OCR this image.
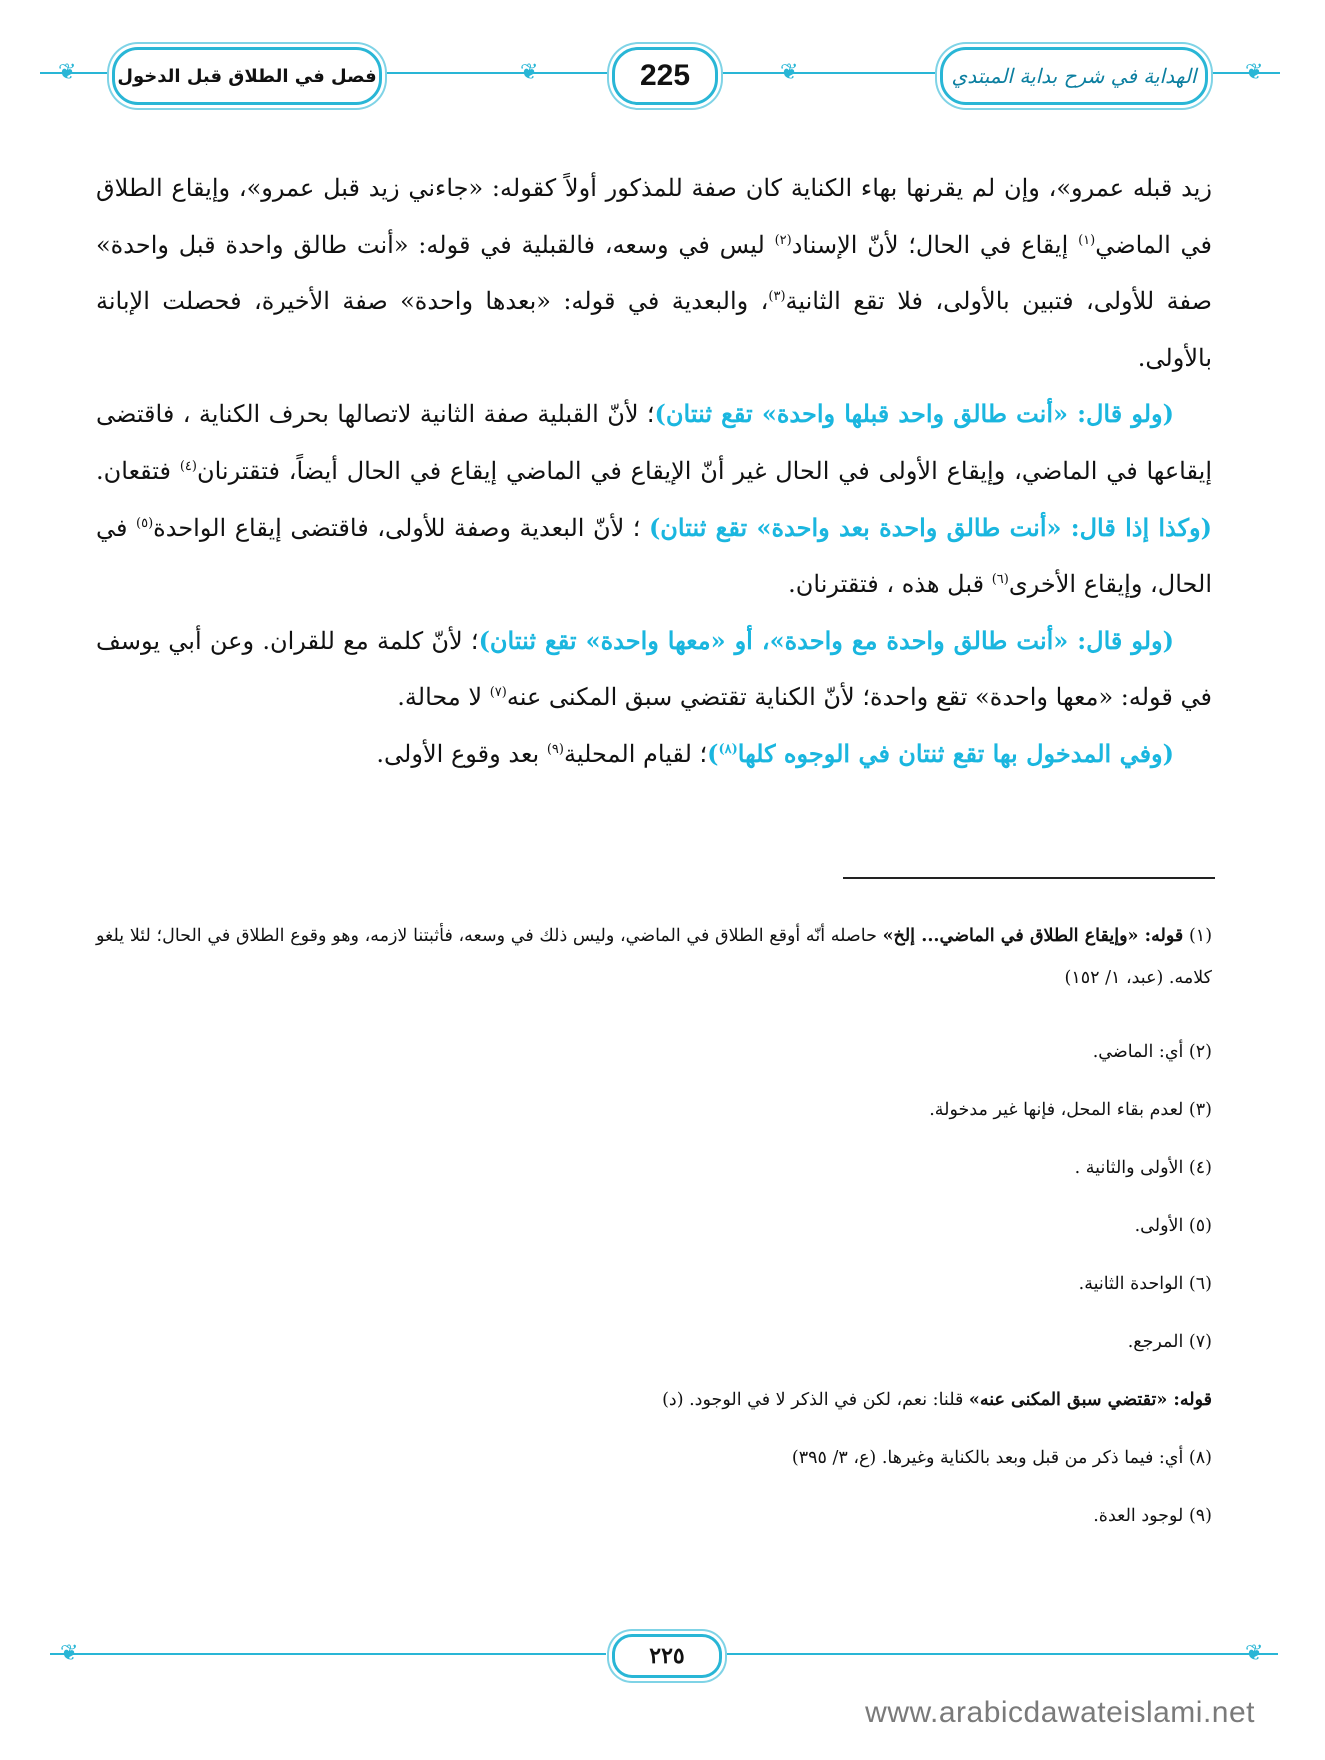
❦	❦	❦	❦
فصل في الطلاق قبل الدخول	225	الهداية في شرح بداية المبتدي

زيد قبله عمرو»، وإن لم يقرنها بهاء الكناية كان صفة للمذكور أولاً كقوله: «جاءني زيد قبل عمرو»، وإيقاع الطلاق في الماضي$^{(١)}$ إيقاع في الحال؛ لأنّ الإسناد$^{(٢)}$ ليس في وسعه، فالقبلية في قوله: «أنت طالق واحدة قبل واحدة» صفة للأولى، فتبين بالأولى، فلا تقع الثانية$^{(٣)}$، والبعدية في قوله: «بعدها واحدة» صفة الأخيرة، فحصلت الإبانة بالأولى.

(ولو قال: «أنت طالق واحد قبلها واحدة» تقع ثنتان)؛ لأنّ القبلية صفة الثانية لاتصالها بحرف الكناية ، فاقتضى إيقاعها في الماضي، وإيقاع الأولى في الحال غير أنّ الإيقاع في الماضي إيقاع في الحال أيضاً، فتقترنان$^{(٤)}$ فتقعان. (وكذا إذا قال: «أنت طالق واحدة بعد واحدة» تقع ثنتان) ؛ لأنّ البعدية وصفة للأولى، فاقتضى إيقاع الواحدة$^{(٥)}$ في الحال، وإيقاع الأخرى$^{(٦)}$ قبل هذه ، فتقترنان.

(ولو قال: «أنت طالق واحدة مع واحدة»، أو «معها واحدة» تقع ثنتان)؛ لأنّ كلمة مع للقران. وعن أبي يوسف في قوله: «معها واحدة» تقع واحدة؛ لأنّ الكناية تقتضي سبق المكنى عنه$^{(٧)}$ لا محالة.

(وفي المدخول بها تقع ثنتان في الوجوه كلها$^{(٨)}$)؛ لقيام المحلية$^{(٩)}$ بعد وقوع الأولى.

(١) قوله: «وإيقاع الطلاق في الماضي... إلخ» حاصله أنّه أوقع الطلاق في الماضي، وليس ذلك في وسعه، فأثبتنا لازمه، وهو وقوع الطلاق في الحال؛ لئلا يلغو كلامه. (عبد، ١/ ١٥٢)

(٢) أي: الماضي.

(٣) لعدم بقاء المحل، فإنها غير مدخولة.

(٤) الأولى والثانية .

(٥) الأولى.

(٦) الواحدة الثانية.

(٧) المرجع.

قوله: «تقتضي سبق المكنى عنه» قلنا: نعم، لكن في الذكر لا في الوجود. (د)

(٨) أي: فيما ذكر من قبل وبعد بالكناية وغيرها. (ع، ٣/ ٣٩٥)

(٩) لوجود العدة.

❦	❦
٢٢٥
www.arabicdawateislami.net
